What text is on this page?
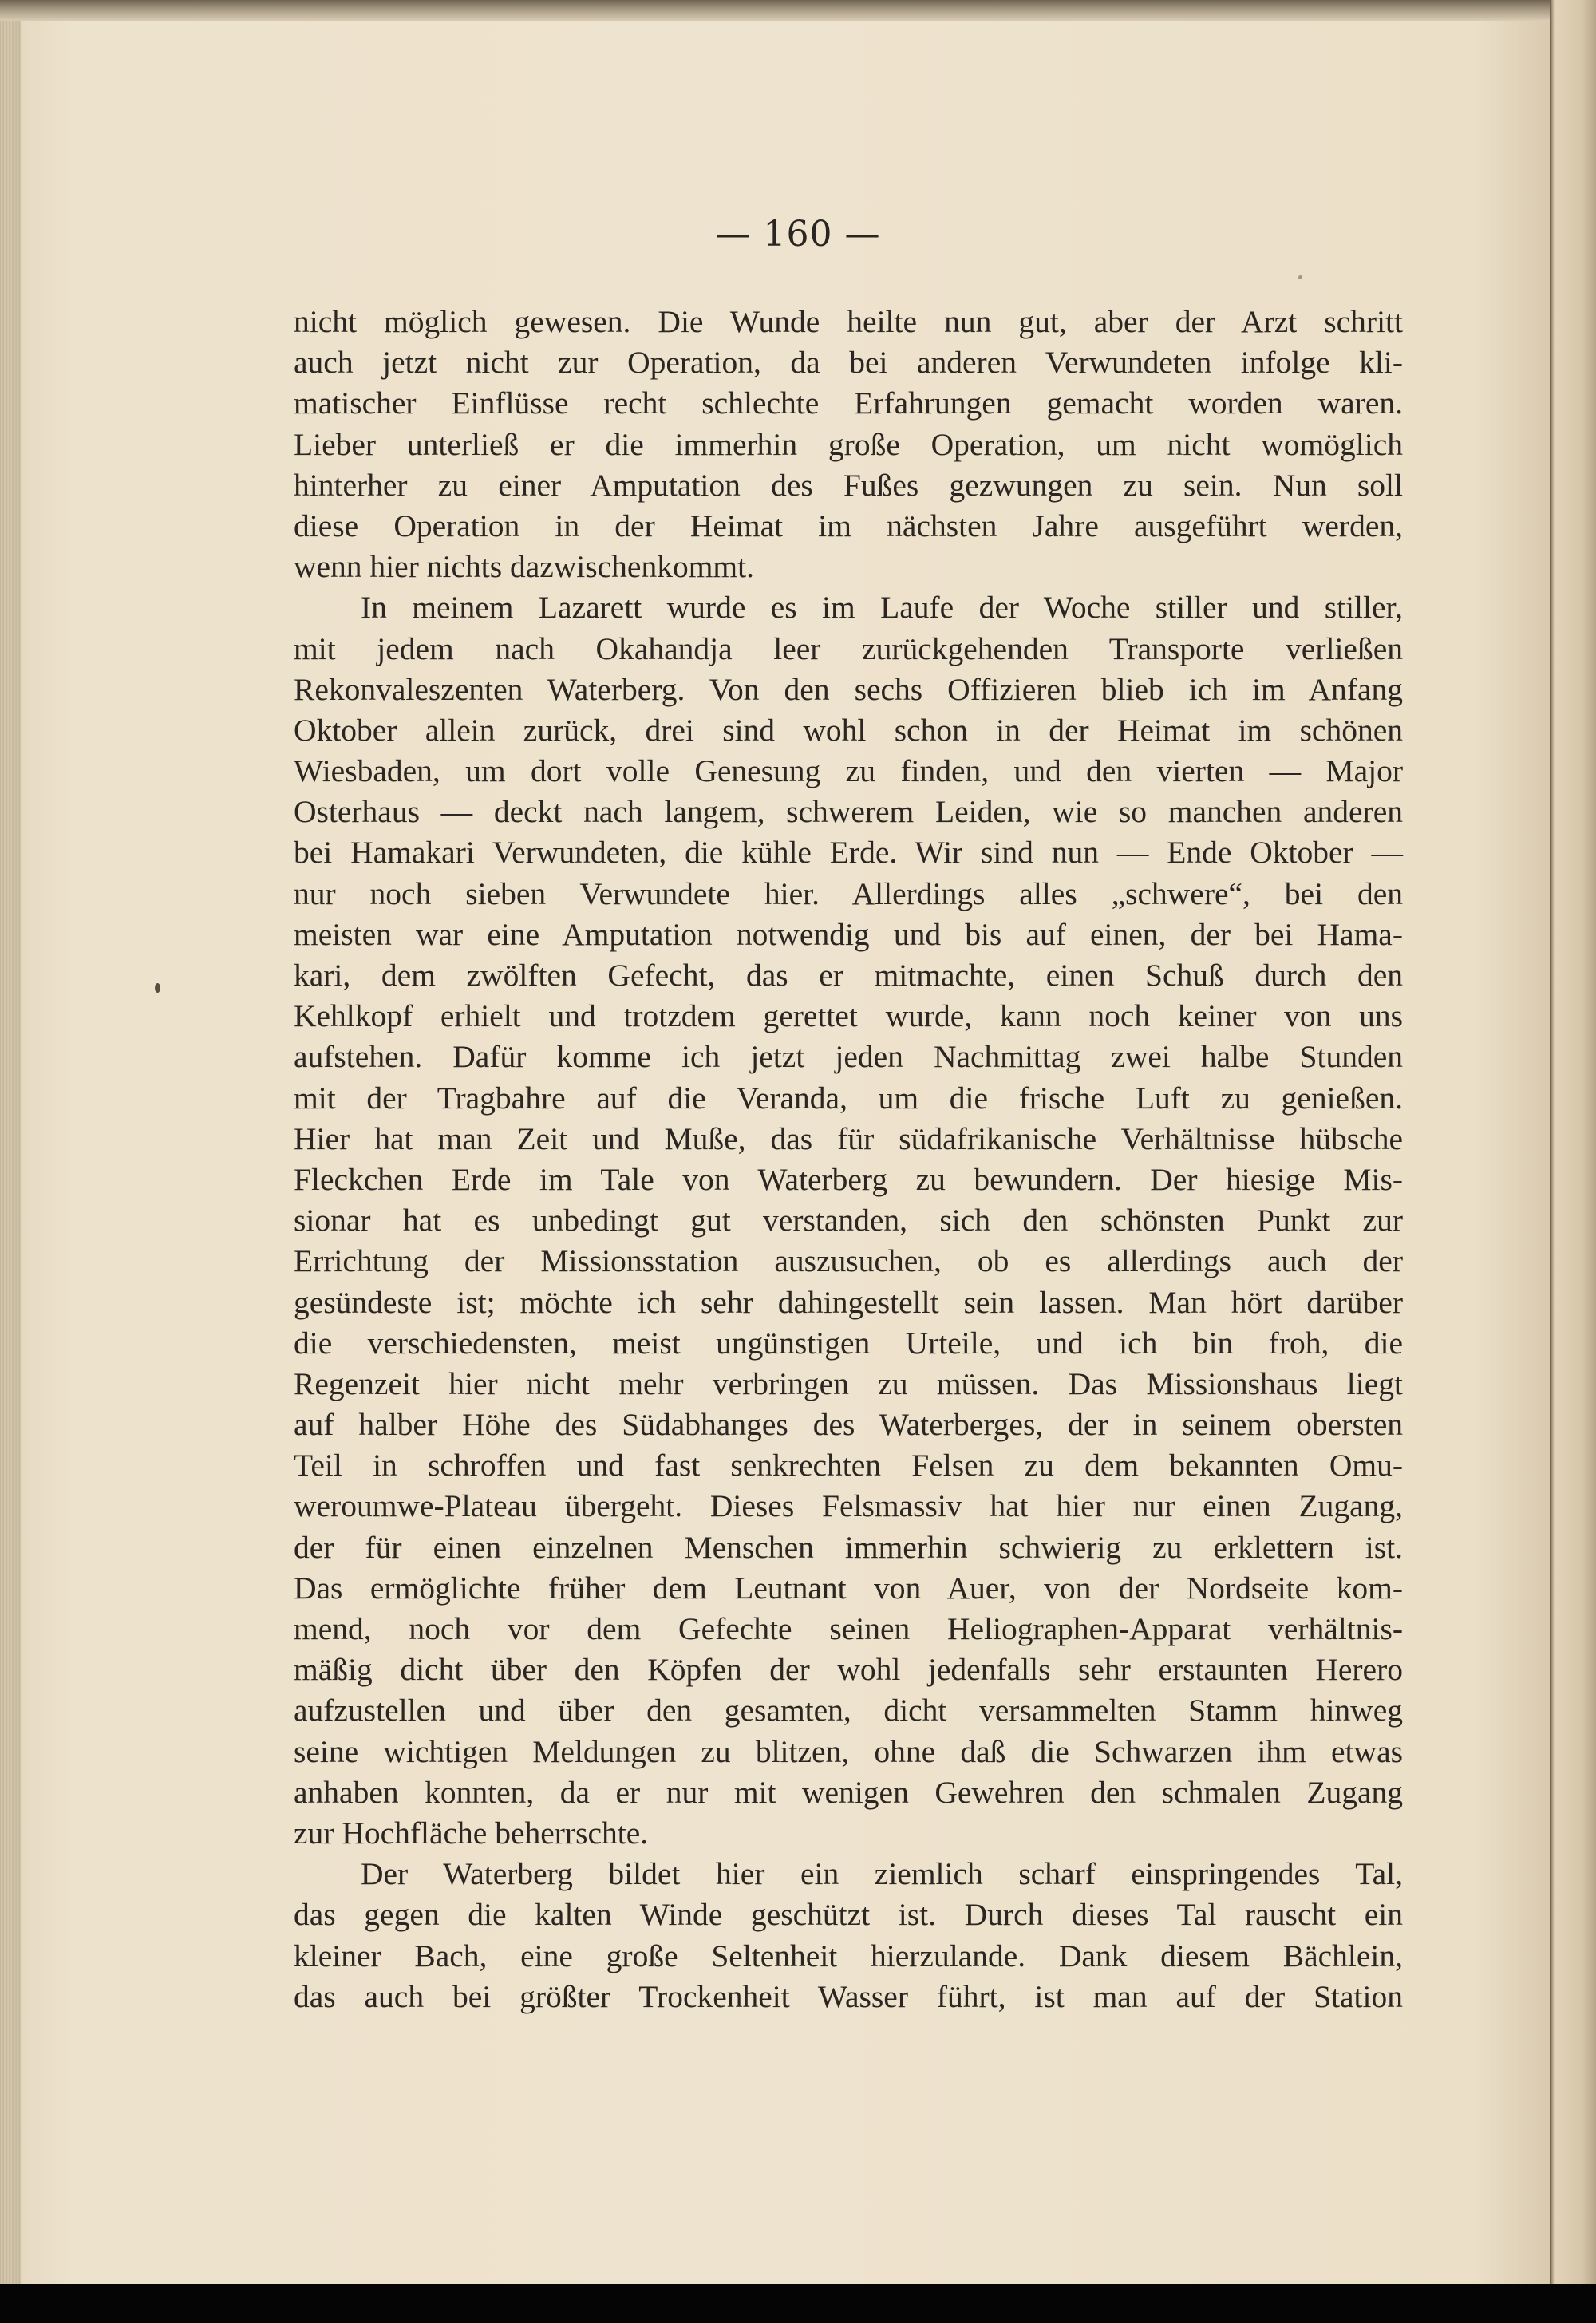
— 160 —
nicht möglich gewesen. Die Wunde heilte nun gut, aber der Arzt schritt
auch jetzt nicht zur Operation, da bei anderen Verwundeten infolge kli-
matischer Einflüsse recht schlechte Erfahrungen gemacht worden waren.
Lieber unterließ er die immerhin große Operation, um nicht womöglich
hinterher zu einer Amputation des Fußes gezwungen zu sein. Nun soll
diese Operation in der Heimat im nächsten Jahre ausgeführt werden,
wenn hier nichts dazwischenkommt.
In meinem Lazarett wurde es im Laufe der Woche stiller und stiller,
mit jedem nach Okahandja leer zurückgehenden Transporte verließen
Rekonvaleszenten Waterberg. Von den sechs Offizieren blieb ich im Anfang
Oktober allein zurück, drei sind wohl schon in der Heimat im schönen
Wiesbaden, um dort volle Genesung zu finden, und den vierten — Major
Osterhaus — deckt nach langem, schwerem Leiden, wie so manchen anderen
bei Hamakari Verwundeten, die kühle Erde. Wir sind nun — Ende Oktober —
nur noch sieben Verwundete hier. Allerdings alles „schwere“, bei den
meisten war eine Amputation notwendig und bis auf einen, der bei Hama-
kari, dem zwölften Gefecht, das er mitmachte, einen Schuß durch den
Kehlkopf erhielt und trotzdem gerettet wurde, kann noch keiner von uns
aufstehen. Dafür komme ich jetzt jeden Nachmittag zwei halbe Stunden
mit der Tragbahre auf die Veranda, um die frische Luft zu genießen.
Hier hat man Zeit und Muße, das für südafrikanische Verhältnisse hübsche
Fleckchen Erde im Tale von Waterberg zu bewundern. Der hiesige Mis-
sionar hat es unbedingt gut verstanden, sich den schönsten Punkt zur
Errichtung der Missionsstation auszusuchen, ob es allerdings auch der
gesündeste ist; möchte ich sehr dahingestellt sein lassen. Man hört darüber
die verschiedensten, meist ungünstigen Urteile, und ich bin froh, die
Regenzeit hier nicht mehr verbringen zu müssen. Das Missionshaus liegt
auf halber Höhe des Südabhanges des Waterberges, der in seinem obersten
Teil in schroffen und fast senkrechten Felsen zu dem bekannten Omu-
weroumwe-Plateau übergeht. Dieses Felsmassiv hat hier nur einen Zugang,
der für einen einzelnen Menschen immerhin schwierig zu erklettern ist.
Das ermöglichte früher dem Leutnant von Auer, von der Nordseite kom-
mend, noch vor dem Gefechte seinen Heliographen-Apparat verhältnis-
mäßig dicht über den Köpfen der wohl jedenfalls sehr erstaunten Herero
aufzustellen und über den gesamten, dicht versammelten Stamm hinweg
seine wichtigen Meldungen zu blitzen, ohne daß die Schwarzen ihm etwas
anhaben konnten, da er nur mit wenigen Gewehren den schmalen Zugang
zur Hochfläche beherrschte.
Der Waterberg bildet hier ein ziemlich scharf einspringendes Tal,
das gegen die kalten Winde geschützt ist. Durch dieses Tal rauscht ein
kleiner Bach, eine große Seltenheit hierzulande. Dank diesem Bächlein,
das auch bei größter Trockenheit Wasser führt, ist man auf der Station
